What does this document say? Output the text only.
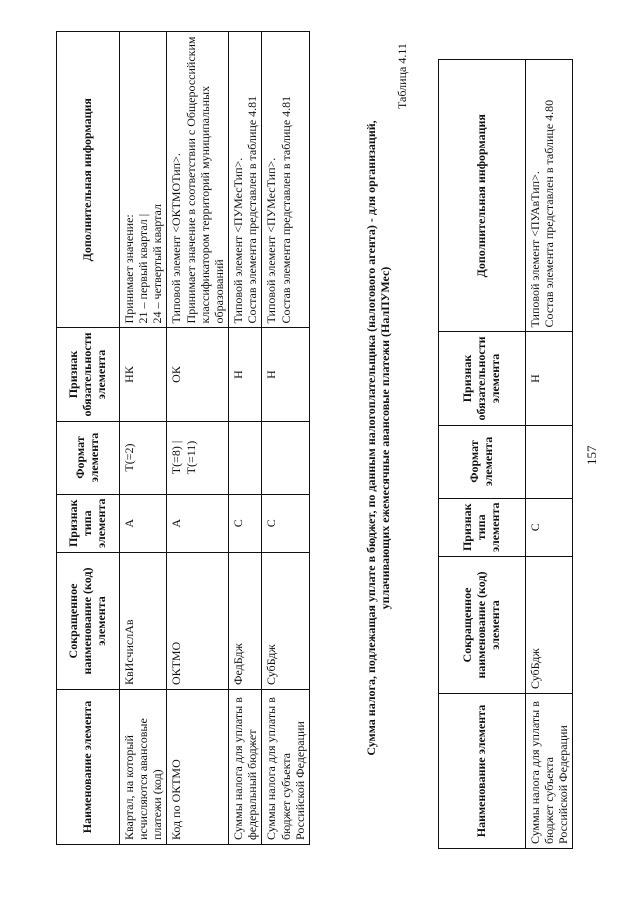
157
Наименование элемента	Сокращенное наименование (код) элемента	Признак типа элемента	Формат элемента	Признак обязательности элемента	Дополнительная информация
Суммы налога для уплаты в бюджет субъекта Российской Федерации	СубБдж	С		Н	Типовой элемент <ПУАвТип>. Состав элемента представлен в таблице 4.80
Таблица 4.11
Сумма налога, подлежащая уплате в бюджет, по данным налогоплательщика (налогового агента) - для организаций, уплачивающих ежемесячные авансовые платежи (НалПУМес)
Наименование элемента	Сокращенное наименование (код) элемента	Признак типа элемента	Формат элемента	Признак обязательности элемента	Дополнительная информация
Квартал, на который исчисляются авансовые платежи (код)	КвИсчислАв	А	T(=2)	НК	Принимает значение: 21 – первый квартал | 24 – четвертый квартал

Код по ОКТМО	ОКТМО	А	T(=8) | T(=11)	ОК	Типовой элемент <ОКТМОТип>. Принимает значение в соответствии с Общероссийским классификатором территорий муниципальных образований

Суммы налога для уплаты в федеральный бюджет	ФедБдж	С		Н	Типовой элемент <ПУМесТип>. Состав элемента представлен в таблице 4.81

Суммы налога для уплаты в бюджет субъекта Российской Федерации	СубБдж	С		Н	Типовой элемент <ПУМесТип>. Состав элемента представлен в таблице 4.81
